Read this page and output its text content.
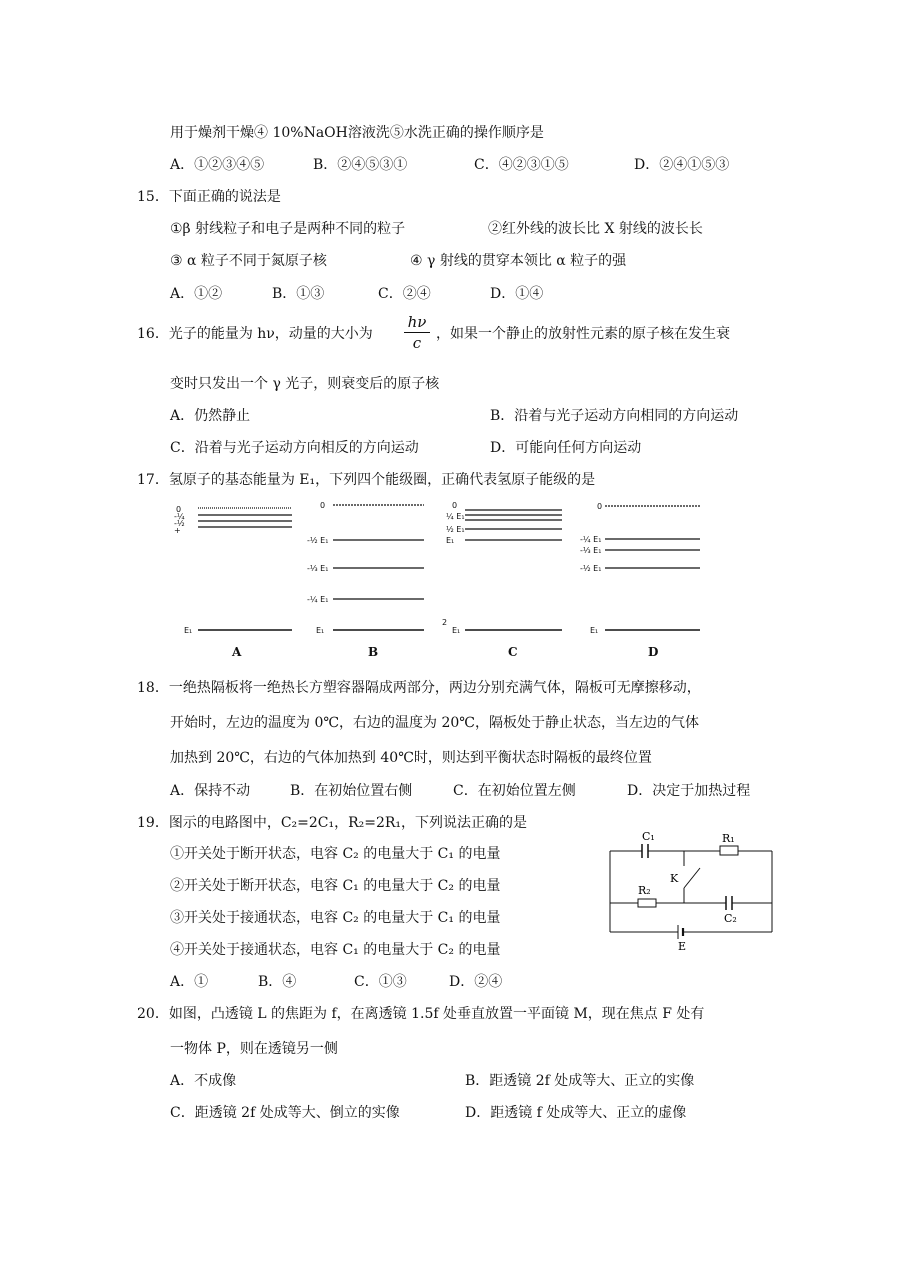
用于燥剂干燥④ 10%NaOH溶液洗⑤水洗正确的操作顺序是
A．①②③④⑤	B．②④⑤③①	C．④②③①⑤	D．②④①⑤③
15．下面正确的说法是
①β 射线粒子和电子是两种不同的粒子	②红外线的波长比 X 射线的波长长
③ α 粒子不同于氮原子核	④ γ 射线的贯穿本领比 α 粒子的强
A．①②	B．①③	C．②④	D．①④
16．光子的能量为 hν，动量的大小为
hν
c	，如果一个静止的放射性元素的原子核在发生衰
变时只发出一个 γ 光子，则衰变后的原子核
A．仍然静止	B．沿着与光子运动方向相同的方向运动
C．沿着与光子运动方向相反的方向运动	D．可能向任何方向运动
17．氢原子的基态能量为 E₁，下列四个能级圈，正确代表氢原子能级的是
0
-¼
-½
+
E₁
A
0
-½ E₁
-⅓ E₁
-¼ E₁
E₁
B
0
¼ E₁
½ E₁
E₁
2
E₁
C
0
-¼ E₁
-⅓ E₁
-½ E₁
E₁
D
18．一绝热隔板将一绝热长方塑容器隔成两部分，两边分别充满气体，隔板可无摩擦移动，
开始时，左边的温度为 0℃，右边的温度为 20℃，隔板处于静止状态，当左边的气体
加热到 20℃，右边的气体加热到 40℃时，则达到平衡状态时隔板的最终位置
A．保持不动	B．在初始位置右侧	C．在初始位置左侧	D．决定于加热过程
19．图示的电路图中，C₂=2C₁，R₂=2R₁，下列说法正确的是
①开关处于断开状态，电容 C₂ 的电量大于 C₁ 的电量
②开关处于断开状态，电容 C₁ 的电量大于 C₂ 的电量
③开关处于接通状态，电容 C₂ 的电量大于 C₁ 的电量
④开关处于接通状态，电容 C₁ 的电量大于 C₂ 的电量
A．①	B．④	C．①③	D．②④
C₁	R₁
K
R₂
C₂
E
20．如图，凸透镜 L 的焦距为 f，在离透镜 1.5f 处垂直放置一平面镜 M，现在焦点 F 处有
一物体 P，则在透镜另一侧
A．不成像	B．距透镜 2f 处成等大、正立的实像
C．距透镜 2f 处成等大、倒立的实像	D．距透镜 f 处成等大、正立的虚像
